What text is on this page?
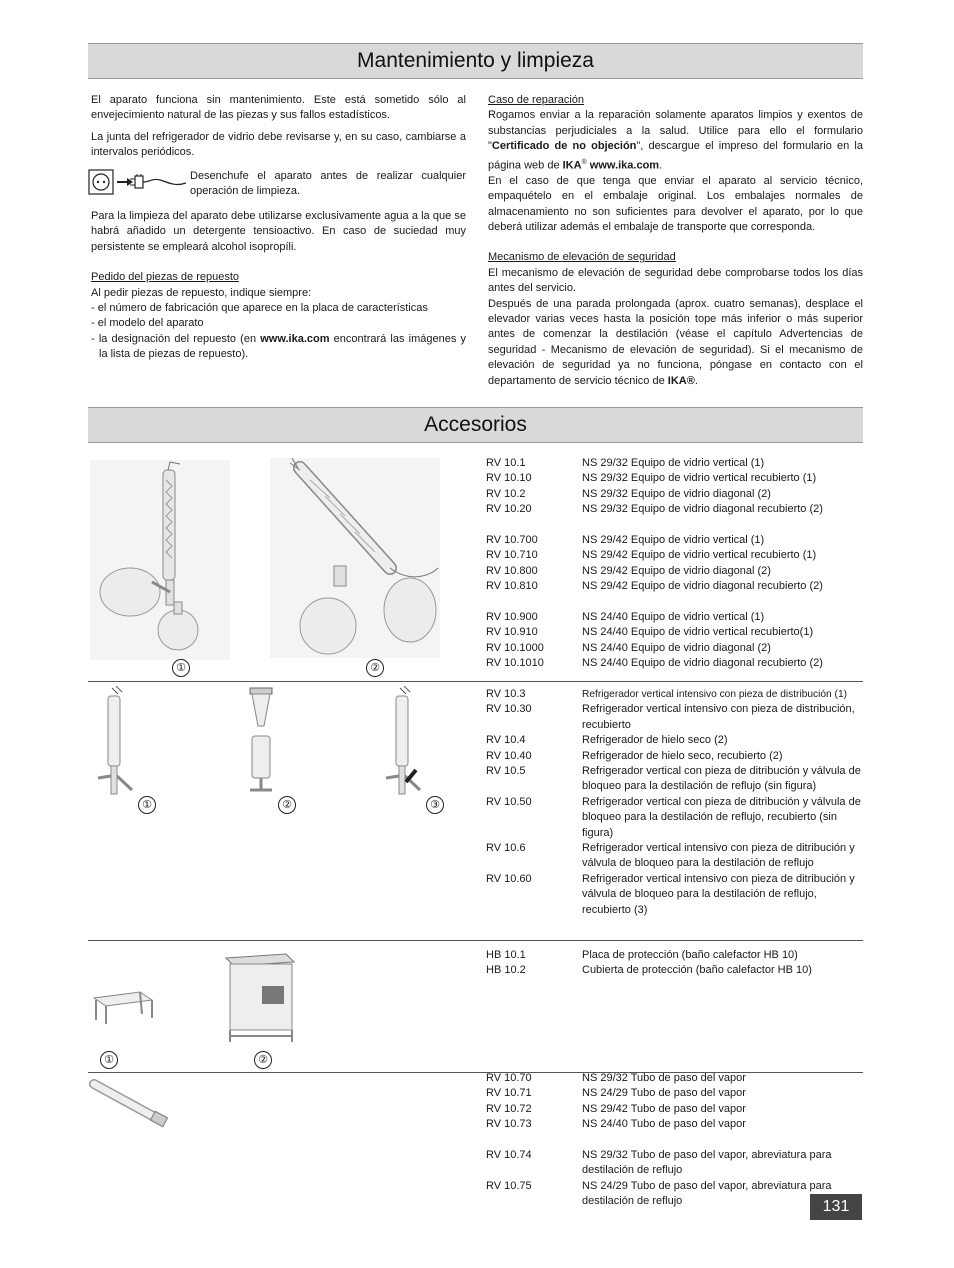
Mantenimiento y limpieza

El aparato funciona sin mantenimiento. Este está sometido sólo al envejecimiento natural de las piezas y sus fallos estadísticos.

La junta del refrigerador de vidrio debe revisarse y, en su caso, cambiarse a intervalos periódicos.

Desenchufe el aparato antes de realizar cualquier operación de limpieza.

Para la limpieza del aparato debe utilizarse exclusivamente agua a la que se habrá añadido un detergente tensioactivo. En caso de suciedad muy persistente se empleará alcohol isopropíli.

Pedido del piezas de repuesto
Al pedir piezas de repuesto, indique siempre:
- el número de fabricación que aparece en la placa de características
- el modelo del aparato
- la designación del repuesto (en www.ika.com encontrará las imágenes y la lista de piezas de repuesto).
Caso de reparación
Rogamos enviar a la reparación solamente aparatos limpios y exentos de substancias perjudiciales a la salud. Utilice para ello el formulario "Certificado de no objeción", descargue el impreso del formulario en la página web de IKA® www.ika.com.

En el caso de que tenga que enviar el aparato al servicio técnico, empaquételo en el embalaje original. Los embalajes normales de almacenamiento no son suficientes para devolver el aparato, por lo que deberá utilizar además el embalaje de transporte que corresponda.

Mecanismo de elevación de seguridad
El mecanismo de elevación de seguridad debe comprobarse todos los días antes del servicio.
Después de una parada prolongada (aprox. cuatro semanas), desplace el elevador varias veces hasta la posición tope más inferior o más superior antes de comenzar la destilación (véase el capítulo Advertencias de seguridad - Mecanismo de elevación de seguridad). Si el mecanismo de elevación de seguridad ya no funciona, póngase en contacto con el departamento de servicio técnico de IKA®.
Accesorios
①	②
RV 10.1	NS 29/32 Equipo de vidrio vertical (1)
RV 10.10	NS 29/32 Equipo de vidrio vertical recubierto (1)
RV 10.2	NS 29/32 Equipo de vidrio diagonal (2)
RV 10.20	NS 29/32 Equipo de vidrio diagonal recubierto (2)
RV 10.700	NS 29/42 Equipo de vidrio vertical (1)
RV 10.710	NS 29/42 Equipo de vidrio vertical recubierto (1)
RV 10.800	NS 29/42 Equipo de vidrio diagonal (2)
RV 10.810	NS 29/42 Equipo de vidrio diagonal recubierto (2)
RV 10.900	NS 24/40 Equipo de vidrio vertical (1)
RV 10.910	NS 24/40 Equipo de vidrio vertical recubierto(1)
RV 10.1000	NS 24/40 Equipo de vidrio diagonal (2)
RV 10.1010	NS 24/40 Equipo de vidrio diagonal recubierto (2)
①	②	③
RV 10.3	Refrigerador vertical intensivo con pieza de distribución (1)
RV 10.30	Refrigerador vertical intensivo con pieza de distribución, recubierto
RV 10.4	Refrigerador de hielo seco (2)
RV 10.40	Refrigerador de hielo seco, recubierto (2)
RV 10.5	Refrigerador vertical con pieza de ditribución y válvula de bloqueo para la destilación de reflujo (sin figura)
RV 10.50	Refrigerador vertical con pieza de ditribución y válvula de bloqueo para la destilación de reflujo, recubierto (sin figura)
RV 10.6	Refrigerador vertical intensivo con pieza de ditribución y válvula de bloqueo para la destilación de reflujo
RV 10.60	Refrigerador vertical intensivo con pieza de ditribución y válvula de bloqueo para la destilación de reflujo, recubierto (3)
①	②
HB 10.1	Placa de protección (baño calefactor HB 10)
HB 10.2	Cubierta de protección (baño calefactor HB 10)
RV 10.70	NS 29/32 Tubo de paso del vapor
RV 10.71	NS 24/29 Tubo de paso del vapor
RV 10.72	NS 29/42 Tubo de paso del vapor
RV 10.73	NS 24/40 Tubo de paso del vapor
RV 10.74	NS 29/32 Tubo de paso del vapor, abreviatura para destilación de reflujo
RV 10.75	NS 24/29 Tubo de paso del vapor, abreviatura para destilación de reflujo	131
